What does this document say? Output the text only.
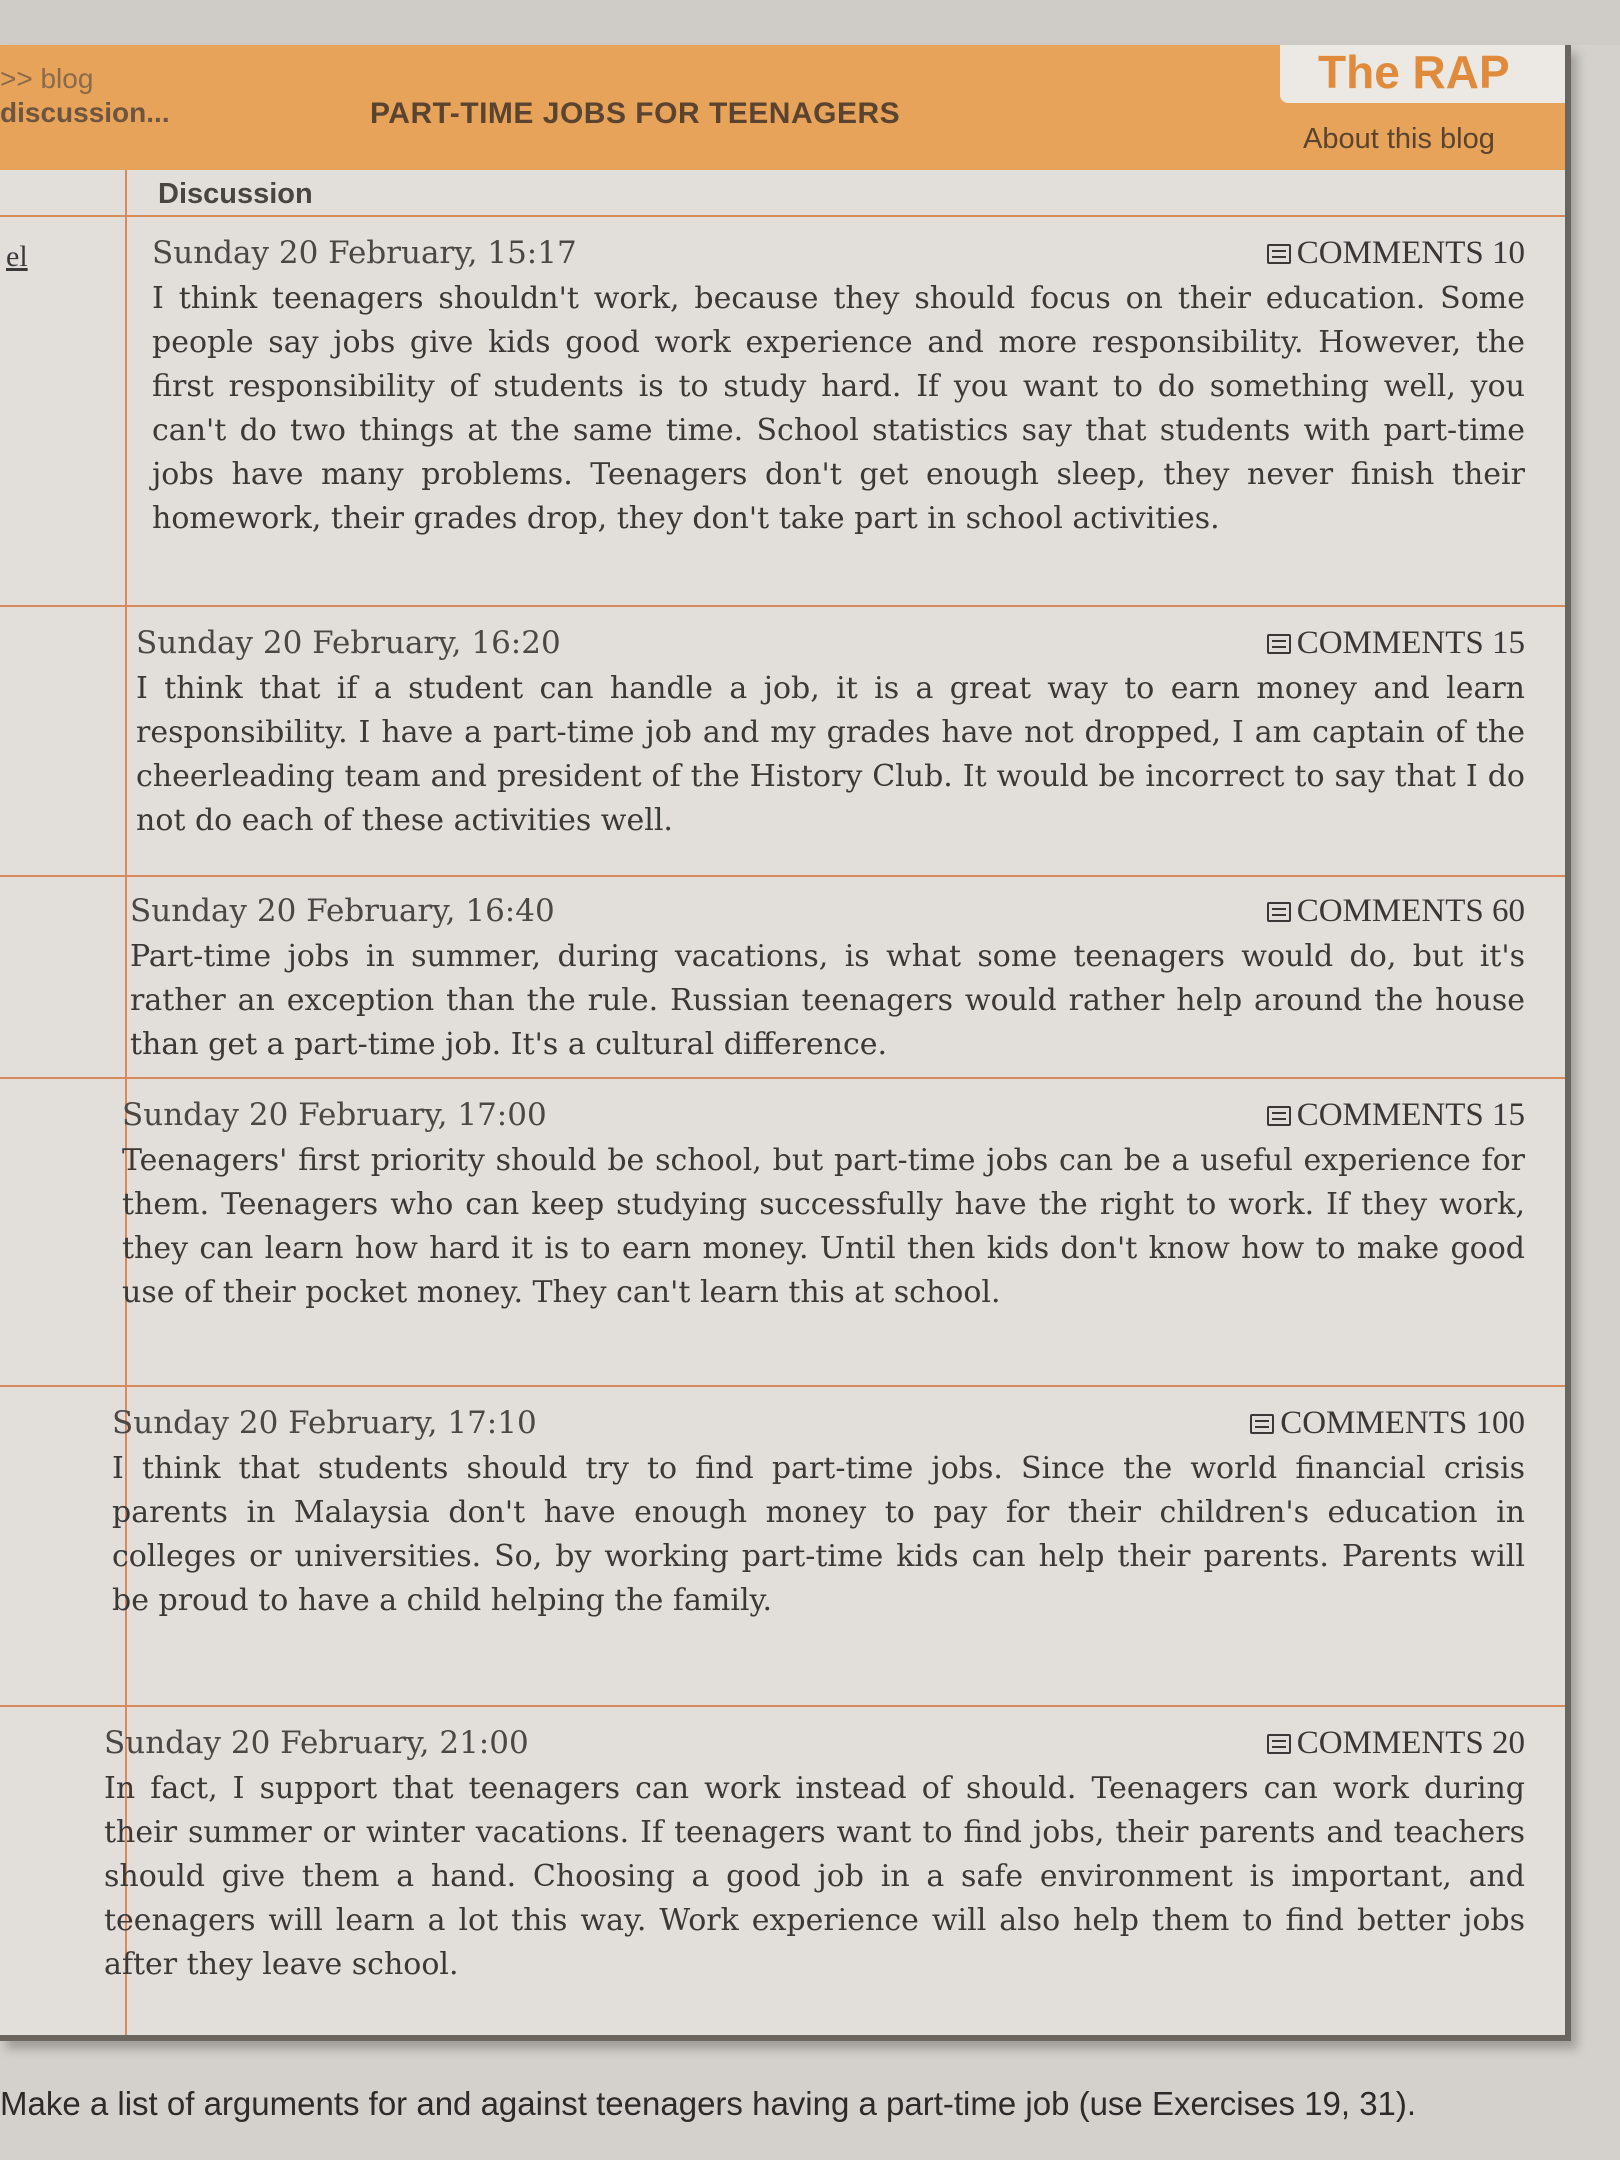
>> blog
discussion...	PART-TIME JOBS FOR TEENAGERS
The RAP
About this blog
Discussion
el	Sunday 20 February, 15:17	COMMENTS 10
I think teenagers shouldn't work, because they should focus on their education. Some people say jobs give kids good work experience and more responsibility. However, the first responsibility of students is to study hard. If you want to do something well, you can't do two things at the same time. School statistics say that students with part-time jobs have many problems. Teenagers don't get enough sleep, they never finish their homework, their grades drop, they don't take part in school activities.
Sunday 20 February, 16:20	COMMENTS 15
I think that if a student can handle a job, it is a great way to earn money and learn responsibility. I have a part-time job and my grades have not dropped, I am captain of the cheerleading team and president of the History Club. It would be incorrect to say that I do not do each of these activities well.
Sunday 20 February, 16:40	COMMENTS 60
Part-time jobs in summer, during vacations, is what some teenagers would do, but it's rather an exception than the rule. Russian teenagers would rather help around the house than get a part-time job. It's a cultural difference.
Sunday 20 February, 17:00	COMMENTS 15
Teenagers' first priority should be school, but part-time jobs can be a useful experience for them. Teenagers who can keep studying successfully have the right to work. If they work, they can learn how hard it is to earn money. Until then kids don't know how to make good use of their pocket money. They can't learn this at school.
Sunday 20 February, 17:10	COMMENTS 100
I think that students should try to find part-time jobs. Since the world financial crisis parents in Malaysia don't have enough money to pay for their children's education in colleges or universities. So, by working part-time kids can help their parents. Parents will be proud to have a child helping the family.
Sunday 20 February, 21:00	COMMENTS 20
In fact, I support that teenagers can work instead of should. Teenagers can work during their summer or winter vacations. If teenagers want to find jobs, their parents and teachers should give them a hand. Choosing a good job in a safe environment is important, and teenagers will learn a lot this way. Work experience will also help them to find better jobs after they leave school.
Make a list of arguments for and against teenagers having a part-time job (use Exercises 19, 31).
